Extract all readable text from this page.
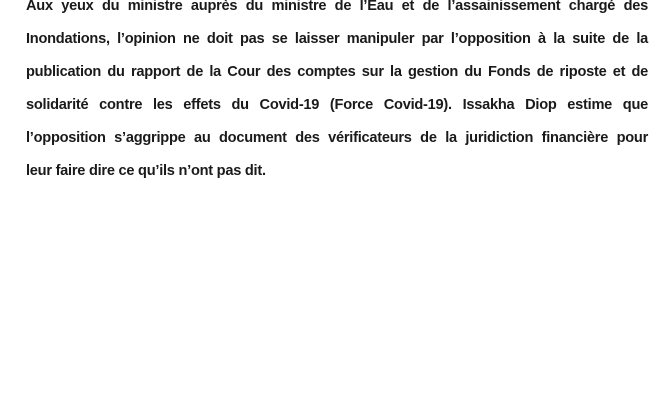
Aux yeux du ministre auprès du ministre de l’Eau et de l’assainissement chargé des
Inondations, l’opinion ne doit pas se laisser manipuler par l’opposition à la suite de la
publication du rapport de la Cour des comptes sur la gestion du Fonds de riposte et de
solidarité contre les effets du Covid-19 (Force Covid-19). Issakha Diop estime que
l’opposition s’aggrippe au document des vérificateurs de la juridiction financière pour
leur faire dire ce qu’ils n’ont pas dit.
